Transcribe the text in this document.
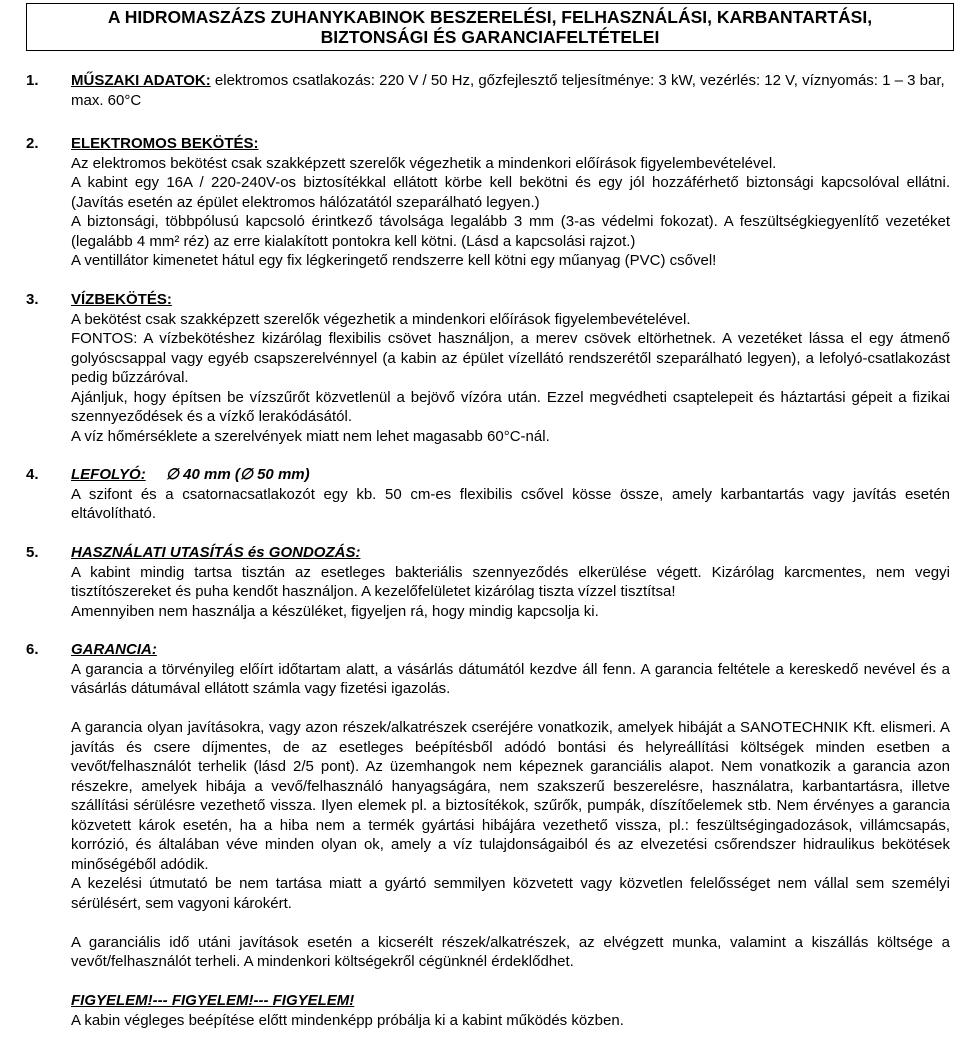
A HIDROMASZÁZS ZUHANYKABINOK BESZERELÉSI, FELHASZNÁLÁSI, KARBANTARTÁSI,
BIZTONSÁGI ÉS GARANCIAFELTÉTELEI
1. MŰSZAKI ADATOK: elektromos csatlakozás: 220 V / 50 Hz, gőzfejlesztő teljesítménye: 3 kW, vezérlés: 12 V, víznyomás: 1 – 3 bar, max. 60°C

2. ELEKTROMOS BEKÖTÉS:

Az elektromos bekötést csak szakképzett szerelők végezhetik a mindenkori előírások figyelembevételével.

A kabint egy 16A / 220-240V-os biztosítékkal ellátott körbe kell bekötni és egy jól hozzáférhető biztonsági kapcsolóval ellátni. (Javítás esetén az épület elektromos hálózatától szeparálható legyen.)

A biztonsági, többpólusú kapcsoló érintkező távolsága legalább 3 mm (3-as védelmi fokozat). A feszültségkiegyenlítő vezetéket (legalább 4 mm² réz) az erre kialakított pontokra kell kötni. (Lásd a kapcsolási rajzot.)

A ventillátor kimenetet hátul egy fix légkeringető rendszerre kell kötni egy műanyag (PVC) csővel!

3. VÍZBEKÖTÉS:

A bekötést csak szakképzett szerelők végezhetik a mindenkori előírások figyelembevételével.

FONTOS: A vízbekötéshez kizárólag flexibilis csövet használjon, a merev csövek eltörhetnek. A vezetéket lássa el egy átmenő golyóscsappal vagy egyéb csapszerelvénnyel (a kabin az épület vízellátó rendszerétől szeparálható legyen), a lefolyó-csatlakozást pedig bűzzáróval.

Ajánljuk, hogy építsen be vízszűrőt közvetlenül a bejövő vízóra után. Ezzel megvédheti csaptelepeit és háztartási gépeit a fizikai szennyeződések és a vízkő lerakódásától.

A víz hőmérséklete a szerelvények miatt nem lehet magasabb 60°C-nál.

4. LEFOLYÓ: ∅ 40 mm (∅ 50 mm)

A szifont és a csatornacsatlakozót egy kb. 50 cm-es flexibilis csővel kösse össze, amely karbantartás vagy javítás esetén eltávolítható.

5. HASZNÁLATI UTASÍTÁS és GONDOZÁS:

A kabint mindig tartsa tisztán az esetleges bakteriális szennyeződés elkerülése végett. Kizárólag karcmentes, nem vegyi tisztítószereket és puha kendőt használjon. A kezelőfelületet kizárólag tiszta vízzel tisztítsa!

Amennyiben nem használja a készüléket, figyeljen rá, hogy mindig kapcsolja ki.

6. GARANCIA:

A garancia a törvényileg előírt időtartam alatt, a vásárlás dátumától kezdve áll fenn. A garancia feltétele a kereskedő nevével és a vásárlás dátumával ellátott számla vagy fizetési igazolás.

A garancia olyan javításokra, vagy azon részek/alkatrészek cseréjére vonatkozik, amelyek hibáját a SANOTECHNIK Kft. elismeri. A javítás és csere díjmentes, de az esetleges beépítésből adódó bontási és helyreállítási költségek minden esetben a vevőt/felhasználót terhelik (lásd 2/5 pont). Az üzemhangok nem képeznek garanciális alapot. Nem vonatkozik a garancia azon részekre, amelyek hibája a vevő/felhasználó hanyagságára, nem szakszerű beszerelésre, használatra, karbantartásra, illetve szállítási sérülésre vezethető vissza. Ilyen elemek pl. a biztosítékok, szűrők, pumpák, díszítőelemek stb. Nem érvényes a garancia közvetett károk esetén, ha a hiba nem a termék gyártási hibájára vezethető vissza, pl.: feszültségingadozások, villámcsapás, korrózió, és általában véve minden olyan ok, amely a víz tulajdonságaiból és az elvezetési csőrendszer hidraulikus bekötések minőségéből adódik.

A kezelési útmutató be nem tartása miatt a gyártó semmilyen közvetett vagy közvetlen felelősséget nem vállal sem személyi sérülésért, sem vagyoni károkért.

A garanciális idő utáni javítások esetén a kicserélt részek/alkatrészek, az elvégzett munka, valamint a kiszállás költsége a vevőt/felhasználót terheli. A mindenkori költségekről cégünknél érdeklődhet.

FIGYELEM!--- FIGYELEM!--- FIGYELEM!

A kabin végleges beépítése előtt mindenképp próbálja ki a kabint működés közben.
